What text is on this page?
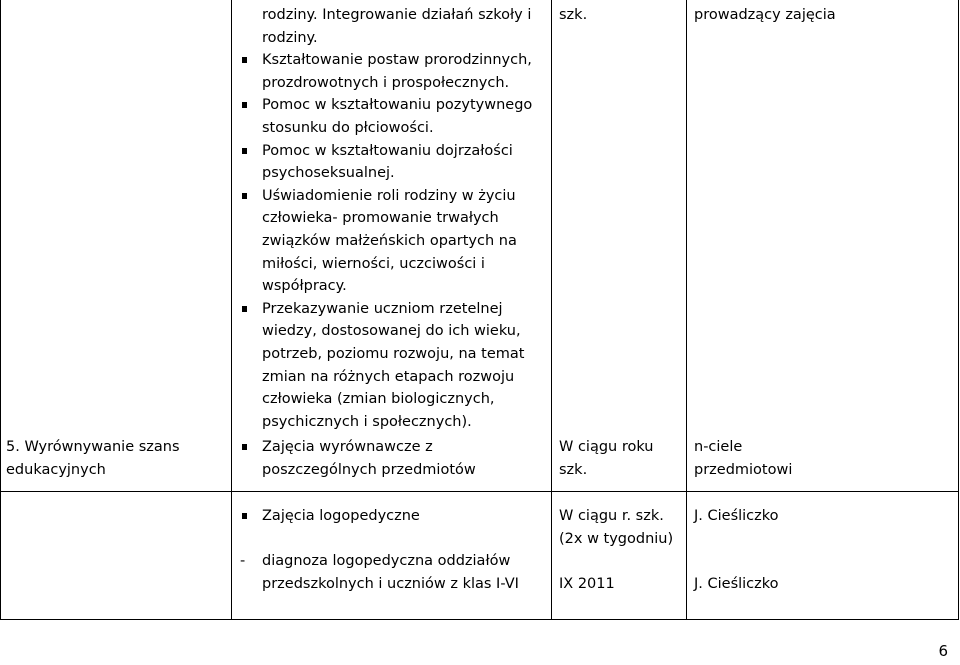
rodziny. Integrowanie działań szkoły i
rodziny.
Kształtowanie postaw prorodzinnych,
prozdrowotnych i prospołecznych.
Pomoc w kształtowaniu pozytywnego
stosunku do płciowości.
Pomoc w kształtowaniu dojrzałości
psychoseksualnej.
Uświadomienie roli rodziny w życiu
człowieka- promowanie trwałych
związków małżeńskich opartych na
miłości, wierności, uczciwości i
współpracy.
Przekazywanie uczniom rzetelnej
wiedzy, dostosowanej do ich wieku,
potrzeb, poziomu rozwoju, na temat
zmian na różnych etapach rozwoju
człowieka (zmian biologicznych,
psychicznych i społecznych).
szk.	prowadzący zajęcia
5. Wyrównywanie szans
edukacyjnych
Zajęcia wyrównawcze z
poszczególnych przedmiotów
W ciągu roku
szk.
n-ciele
przedmiotowi
Zajęcia logopedyczne
- diagnoza logopedyczna oddziałów
przedszkolnych i uczniów z klas I-VI
W ciągu r. szk.
(2x w tygodniu)
IX 2011
J. Cieśliczko
J. Cieśliczko
6
